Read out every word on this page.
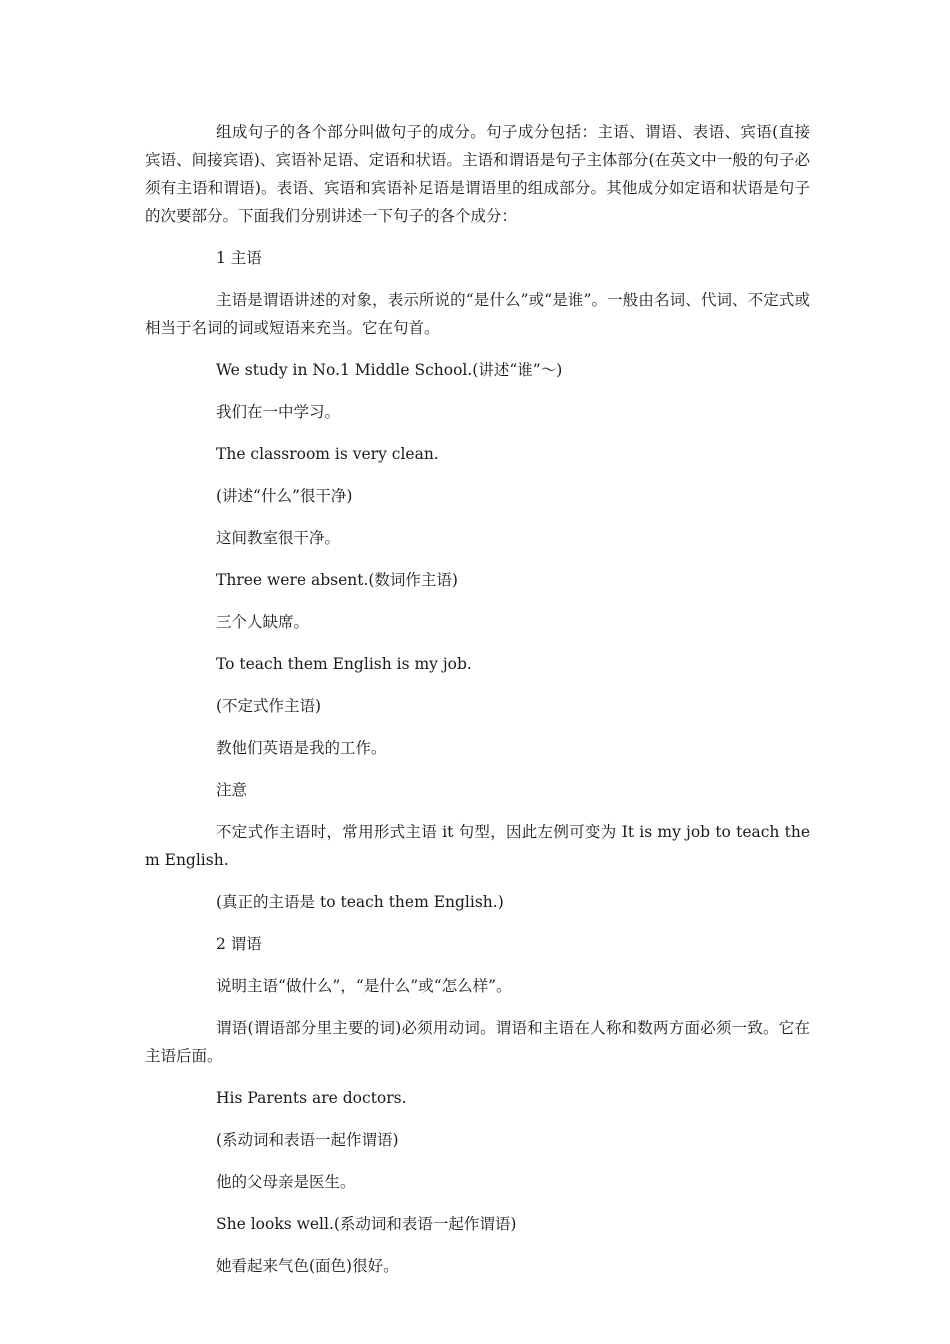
组成句子的各个部分叫做句子的成分。句子成分包括：主语、谓语、表语、宾语(直接宾语、间接宾语)、宾语补足语、定语和状语。主语和谓语是句子主体部分(在英文中一般的句子必须有主语和谓语)。表语、宾语和宾语补足语是谓语里的组成部分。其他成分如定语和状语是句子的次要部分。下面我们分别讲述一下句子的各个成分：

1 主语

主语是谓语讲述的对象，表示所说的“是什么”或“是谁”。一般由名词、代词、不定式或相当于名词的词或短语来充当。它在句首。

We study in No.1 Middle School.(讲述“谁”～)

我们在一中学习。

The classroom is very clean.

(讲述“什么”很干净)

这间教室很干净。

Three were absent.(数词作主语)

三个人缺席。

To teach them English is my job.

(不定式作主语)

教他们英语是我的工作。

注意

不定式作主语时，常用形式主语 it 句型，因此左例可变为 It is my job to teach them English.

(真正的主语是 to teach them English.)

2 谓语

说明主语“做什么”，“是什么”或“怎么样”。

谓语(谓语部分里主要的词)必须用动词。谓语和主语在人称和数两方面必须一致。它在主语后面。

His Parents are doctors.

(系动词和表语一起作谓语)

他的父母亲是医生。

She looks well.(系动词和表语一起作谓语)

她看起来气色(面色)很好。
